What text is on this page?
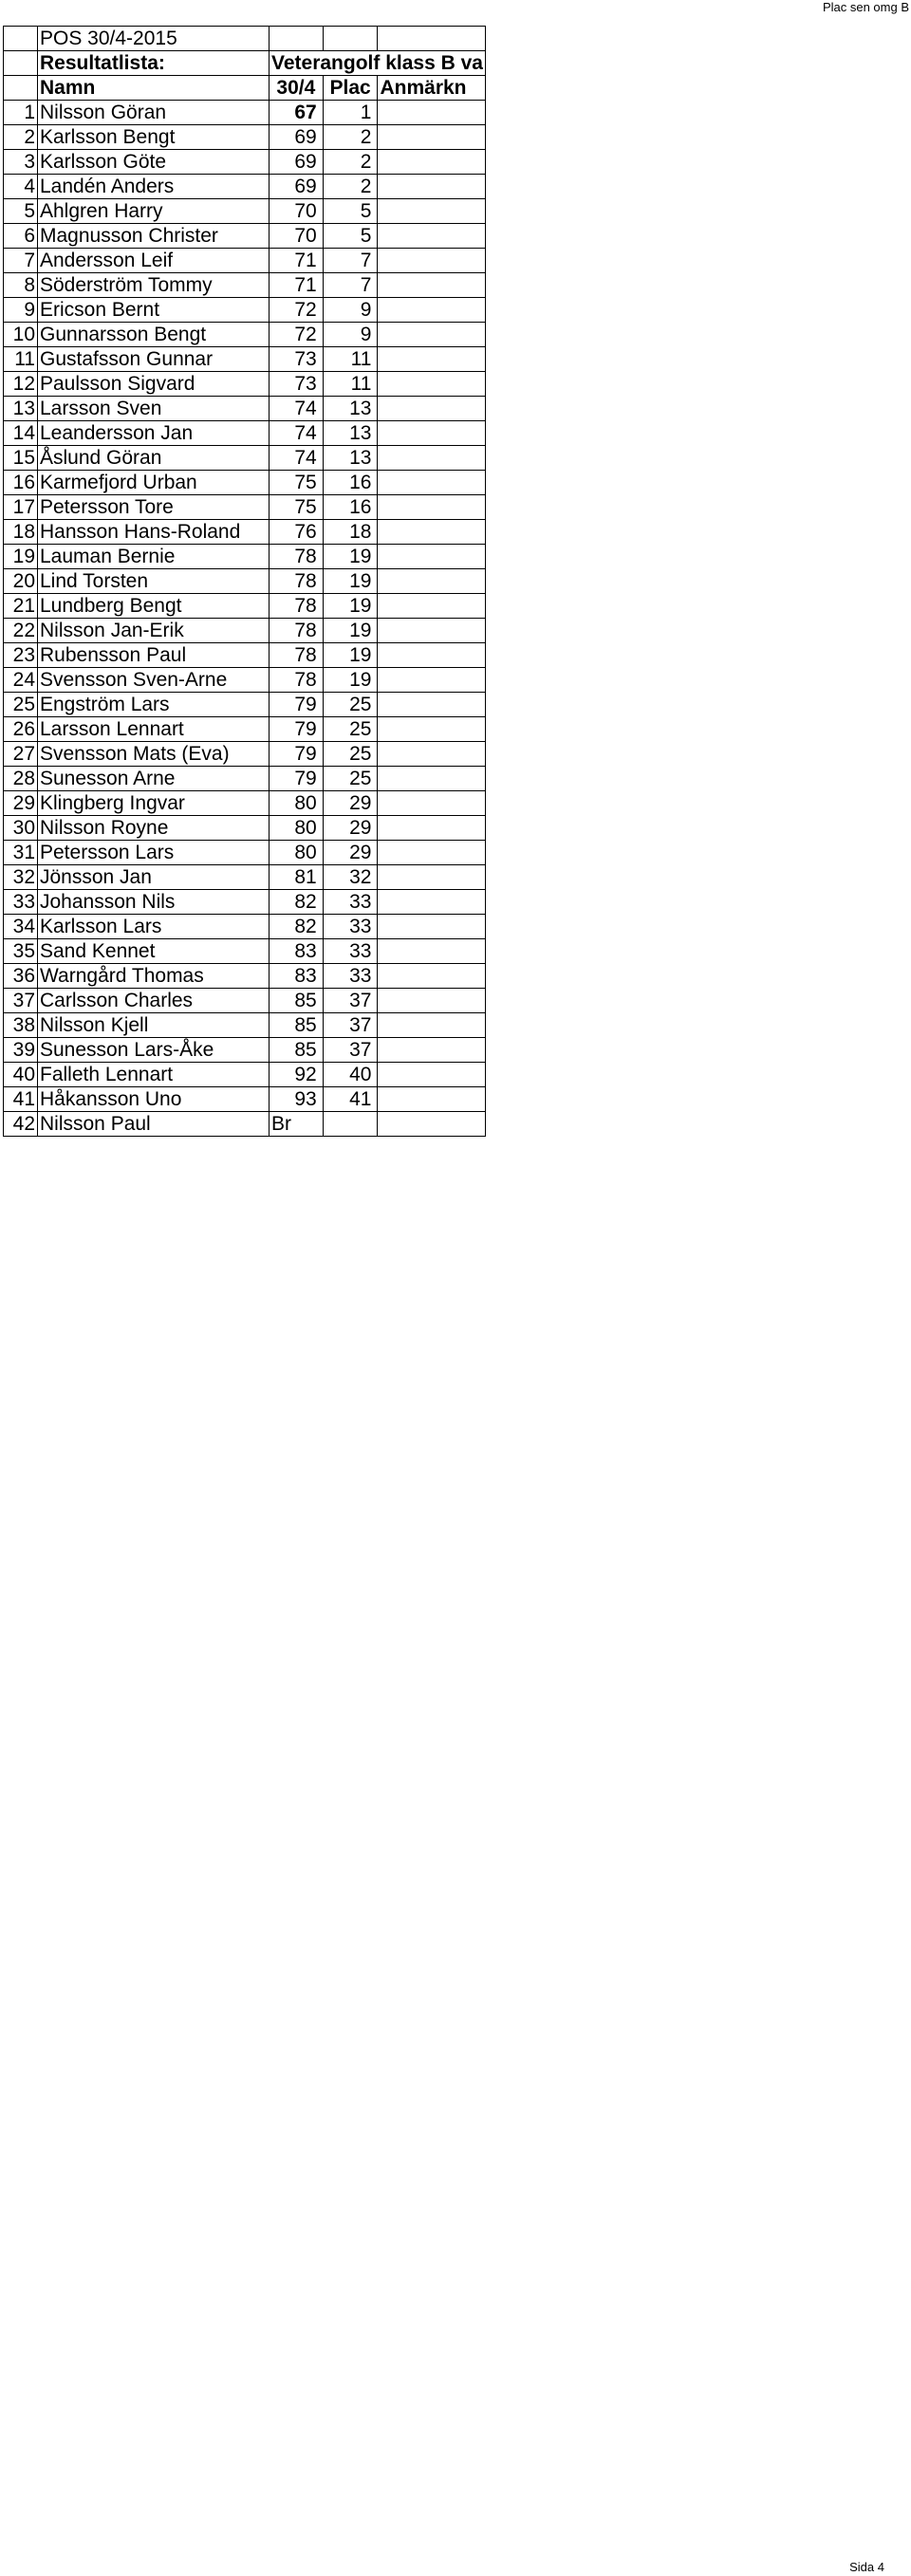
Plac sen omg B
	POS 30/4-2015			
	Resultatlista:	Veterangolf klass B va		
	Namn	30/4	Plac	Anmärkn
1	Nilsson Göran	67	1	
2	Karlsson Bengt	69	2	
3	Karlsson Göte	69	2	
4	Landén Anders	69	2	
5	Ahlgren Harry	70	5	
6	Magnusson Christer	70	5	
7	Andersson Leif	71	7	
8	Söderström Tommy	71	7	
9	Ericson Bernt	72	9	
10	Gunnarsson Bengt	72	9	
11	Gustafsson Gunnar	73	11	
12	Paulsson Sigvard	73	11	
13	Larsson Sven	74	13	
14	Leandersson Jan	74	13	
15	Åslund Göran	74	13	
16	Karmefjord Urban	75	16	
17	Petersson Tore	75	16	
18	Hansson Hans-Roland	76	18	
19	Lauman Bernie	78	19	
20	Lind Torsten	78	19	
21	Lundberg Bengt	78	19	
22	Nilsson Jan-Erik	78	19	
23	Rubensson Paul	78	19	
24	Svensson Sven-Arne	78	19	
25	Engström Lars	79	25	
26	Larsson Lennart	79	25	
27	Svensson Mats (Eva)	79	25	
28	Sunesson Arne	79	25	
29	Klingberg Ingvar	80	29	
30	Nilsson Royne	80	29	
31	Petersson Lars	80	29	
32	Jönsson Jan	81	32	
33	Johansson Nils	82	33	
34	Karlsson Lars	82	33	
35	Sand Kennet	83	33	
36	Warngård Thomas	83	33	
37	Carlsson Charles	85	37	
38	Nilsson Kjell	85	37	
39	Sunesson Lars-Åke	85	37	
40	Falleth Lennart	92	40	
41	Håkansson Uno	93	41	
42	Nilsson Paul	Br		
Sida 4
